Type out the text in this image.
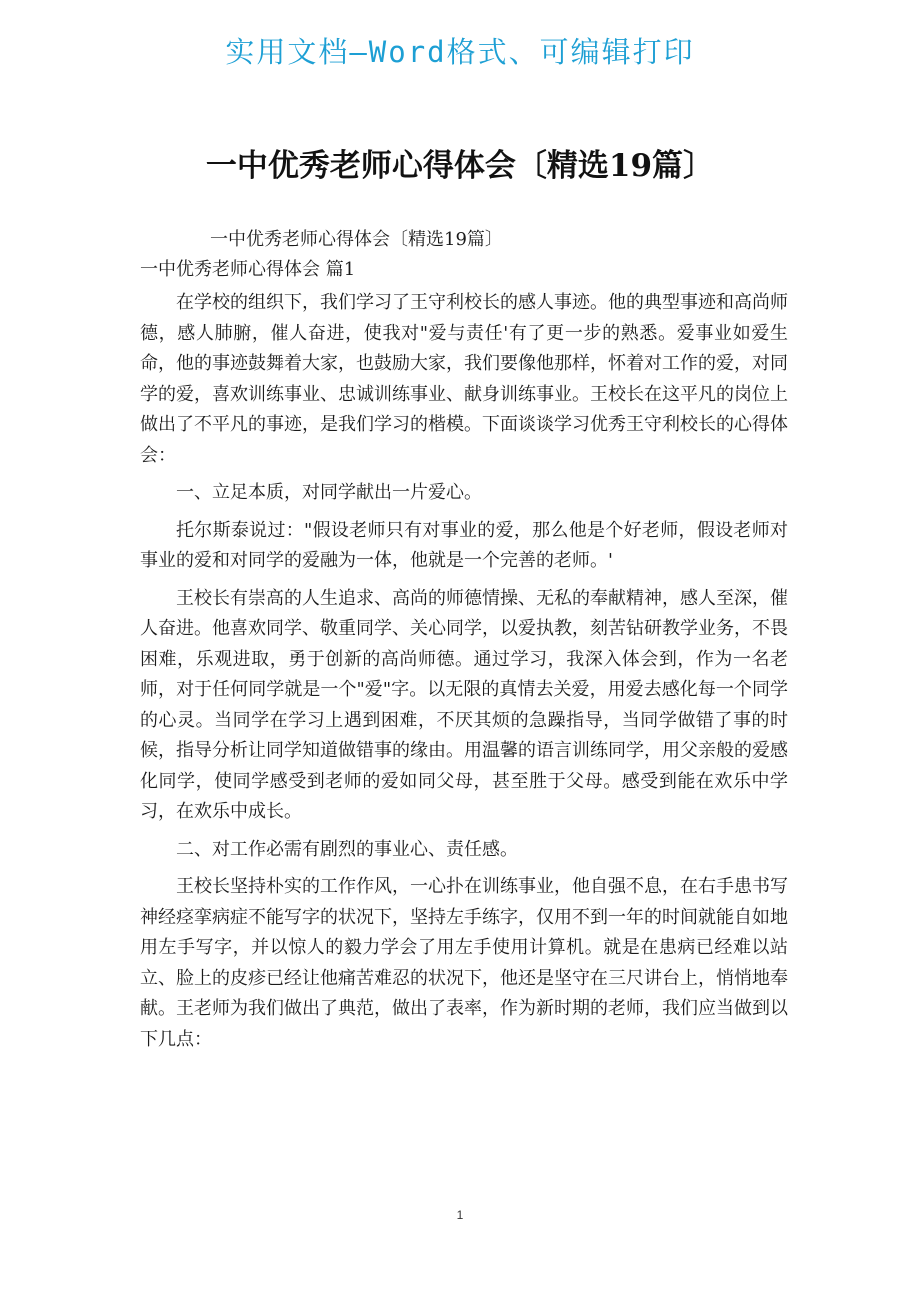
实用文档—Word格式、可编辑打印
一中优秀老师心得体会〔精选19篇〕

一中优秀老师心得体会〔精选19篇〕

一中优秀老师心得体会 篇1

在学校的组织下，我们学习了王守利校长的感人事迹。他的典型事迹和高尚师德，感人肺腑，催人奋进，使我对"爱与责任'有了更一步的熟悉。爱事业如爱生命，他的事迹鼓舞着大家，也鼓励大家，我们要像他那样，怀着对工作的爱，对同学的爱，喜欢训练事业、忠诚训练事业、献身训练事业。王校长在这平凡的岗位上做出了不平凡的事迹，是我们学习的楷模。下面谈谈学习优秀王守利校长的心得体会：

一、立足本质，对同学献出一片爱心。

托尔斯泰说过："假设老师只有对事业的爱，那么他是个好老师，假设老师对事业的爱和对同学的爱融为一体，他就是一个完善的老师。'

王校长有崇高的人生追求、高尚的师德情操、无私的奉献精神，感人至深，催人奋进。他喜欢同学、敬重同学、关心同学，以爱执教，刻苦钻研教学业务，不畏困难，乐观进取，勇于创新的高尚师德。通过学习，我深入体会到，作为一名老师，对于任何同学就是一个"爱"字。以无限的真情去关爱，用爱去感化每一个同学的心灵。当同学在学习上遇到困难，不厌其烦的急躁指导，当同学做错了事的时候，指导分析让同学知道做错事的缘由。用温馨的语言训练同学，用父亲般的爱感化同学，使同学感受到老师的爱如同父母，甚至胜于父母。感受到能在欢乐中学习，在欢乐中成长。

二、对工作必需有剧烈的事业心、责任感。

王校长坚持朴实的工作作风，一心扑在训练事业，他自强不息，在右手患书写神经痉挛病症不能写字的状况下，坚持左手练字，仅用不到一年的时间就能自如地用左手写字，并以惊人的毅力学会了用左手使用计算机。就是在患病已经难以站立、脸上的皮疹已经让他痛苦难忍的状况下，他还是坚守在三尺讲台上，悄悄地奉献。王老师为我们做出了典范，做出了表率，作为新时期的老师，我们应当做到以下几点：

1
